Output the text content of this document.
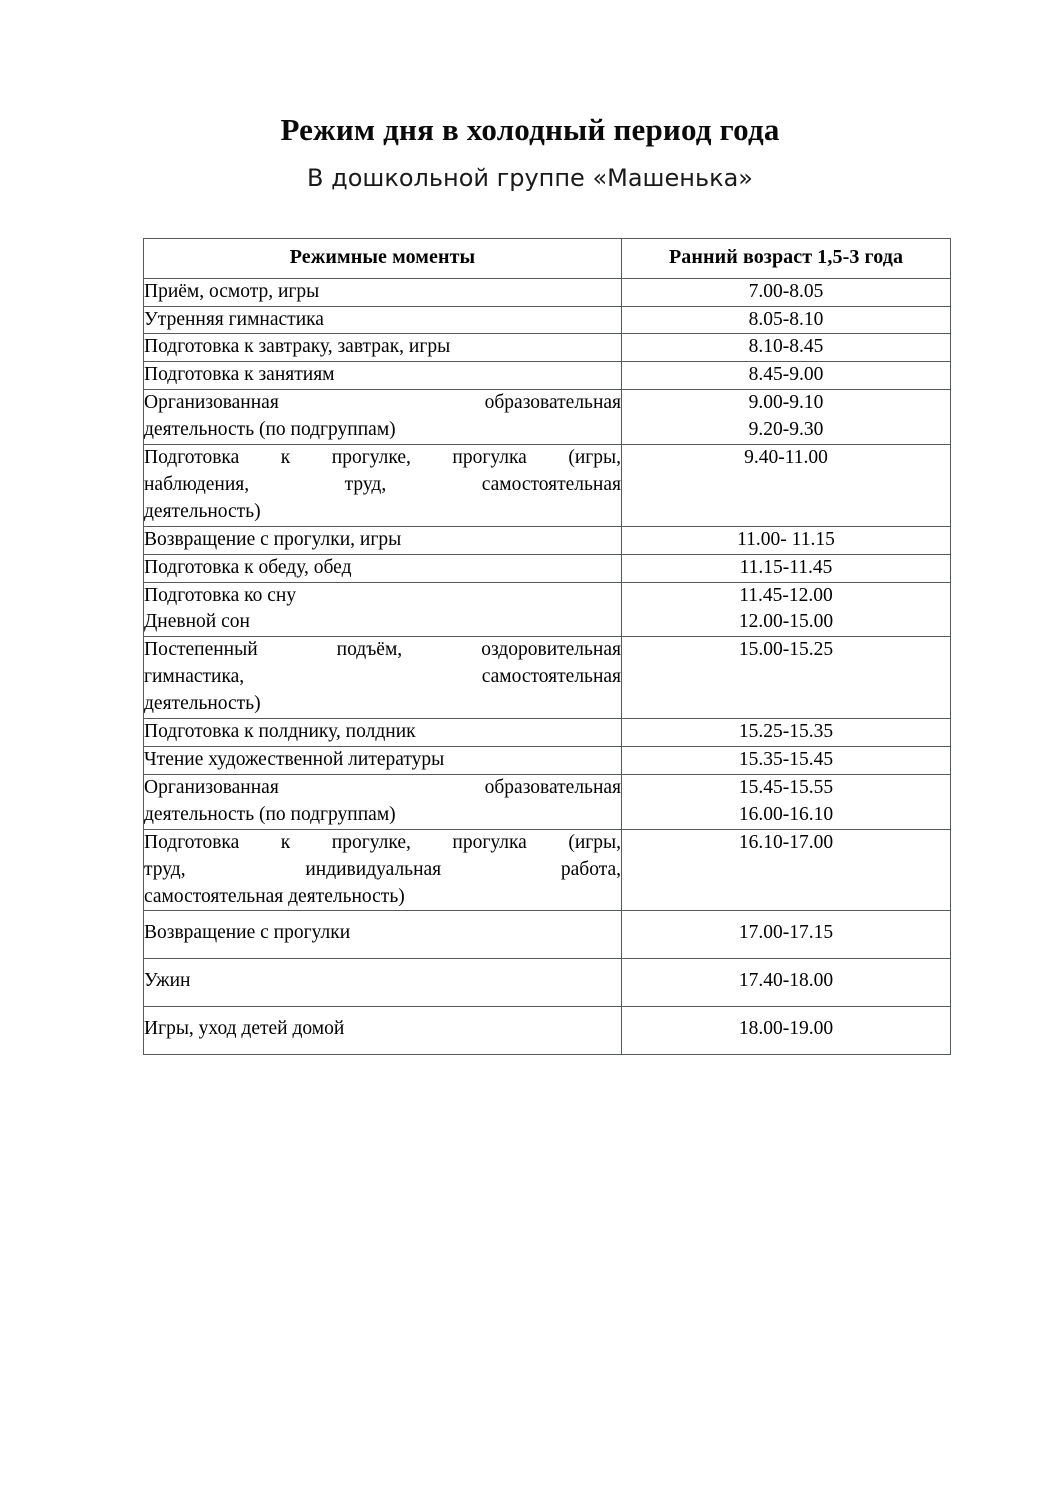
Режим дня в холодный период года

В дошкольной группе «Машенька»

Режимные моменты	Ранний возраст 1,5-3 года

Приём, осмотр, игры	7.00-8.05

Утренняя гимнастика	8.05-8.10

Подготовка к завтраку, завтрак, игры	8.10-8.45

Подготовка к занятиям	8.45-9.00

Организованная образовательная
деятельность (по подгруппам)	9.00-9.10
9.20-9.30

Подготовка к прогулке, прогулка (игры,
наблюдения, труд, самостоятельная
деятельность)	9.40-11.00

Возвращение с прогулки, игры	11.00- 11.15

Подготовка к обеду, обед	11.15-11.45

Подготовка ко сну
Дневной сон	11.45-12.00
12.00-15.00

Постепенный подъём, оздоровительная
гимнастика, самостоятельная
деятельность)	15.00-15.25

Подготовка к полднику, полдник	15.25-15.35

Чтение художественной литературы	15.35-15.45

Организованная образовательная
деятельность (по подгруппам)	15.45-15.55
16.00-16.10

Подготовка к прогулке, прогулка (игры,
труд, индивидуальная работа,
самостоятельная деятельность)	16.10-17.00

Возвращение с прогулки	17.00-17.15

Ужин	17.40-18.00

Игры, уход детей домой	18.00-19.00
